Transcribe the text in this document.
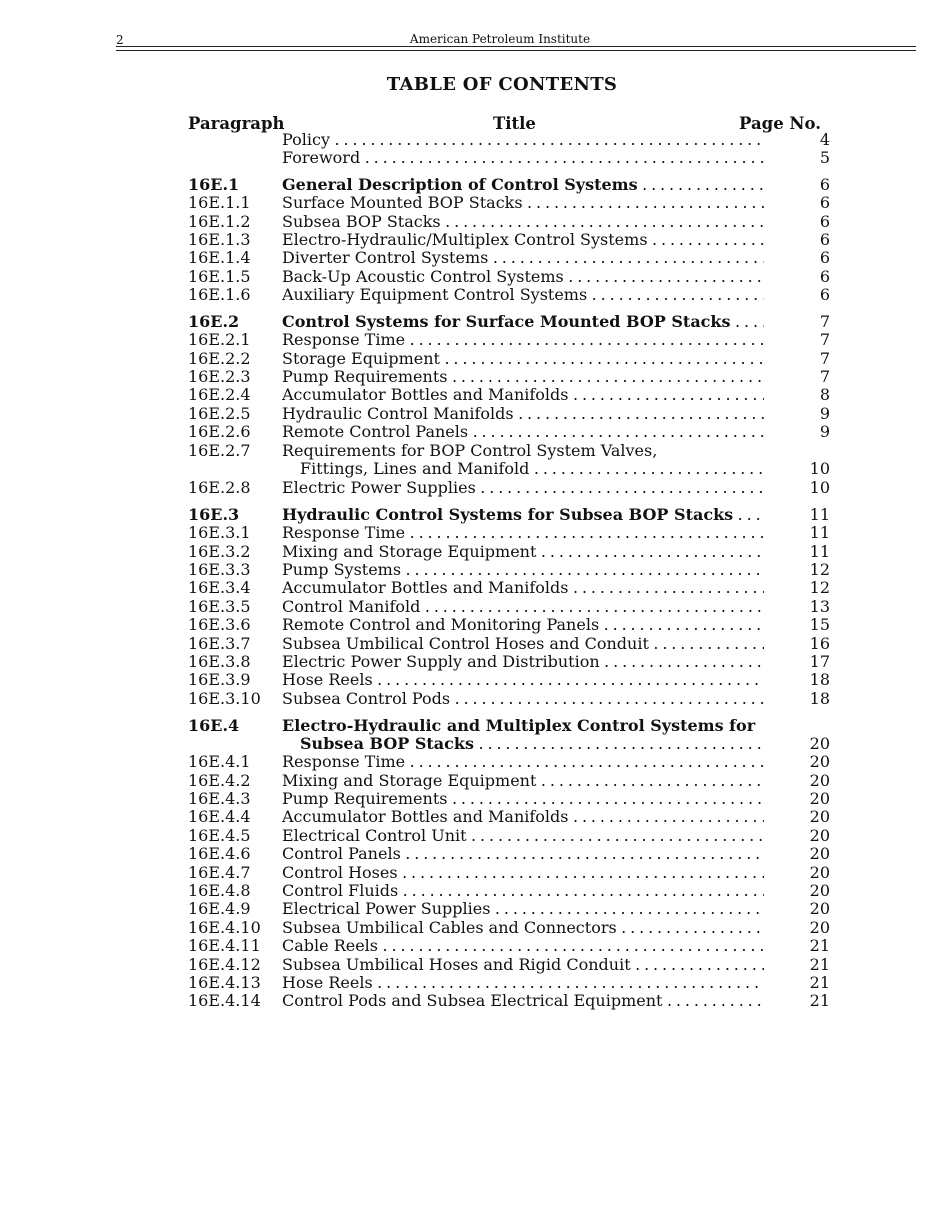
2	American Petroleum Institute
TABLE OF CONTENTS
Paragraph	Title	Page No.
Policy . . .	4
Foreword . . .	5
16E.1	General Description of Control Systems . . .	6
16E.1.1 Surface Mounted BOP Stacks . . .	6
16E.1.2 Subsea BOP Stacks . . .	6
16E.1.3 Electro-Hydraulic/Multiplex Control Systems . . .	6
16E.1.4 Diverter Control Systems . . .	6
16E.1.5 Back-Up Acoustic Control Systems . . .	6
16E.1.6 Auxiliary Equipment Control Systems . . .	6
16E.2	Control Systems for Surface Mounted BOP Stacks . . .	7
16E.2.1 Response Time . . .	7
16E.2.2 Storage Equipment . . .	7
16E.2.3 Pump Requirements . . .	7
16E.2.4 Accumulator Bottles and Manifolds . . .	8
16E.2.5 Hydraulic Control Manifolds . . .	9
16E.2.6 Remote Control Panels . . .	9
16E.2.7 Requirements for BOP Control System Valves,
Fittings, Lines and Manifold . . .	10
16E.2.8 Electric Power Supplies . . .	10
16E.3	Hydraulic Control Systems for Subsea BOP Stacks . . .	11
16E.3.1 Response Time . . .	11
16E.3.2 Mixing and Storage Equipment . . .	11
16E.3.3 Pump Systems . . .	12
16E.3.4 Accumulator Bottles and Manifolds . . .	12
16E.3.5 Control Manifold . . .	13
16E.3.6 Remote Control and Monitoring Panels . . .	15
16E.3.7 Subsea Umbilical Control Hoses and Conduit . . .	16
16E.3.8 Electric Power Supply and Distribution . . .	17
16E.3.9 Hose Reels . . .	18
16E.3.10 Subsea Control Pods . . .	18
16E.4	Electro-Hydraulic and Multiplex Control Systems for
Subsea BOP Stacks . . .	20
16E.4.1 Response Time . . .	20
16E.4.2 Mixing and Storage Equipment . . .	20
16E.4.3 Pump Requirements . . .	20
16E.4.4 Accumulator Bottles and Manifolds . . .	20
16E.4.5 Electrical Control Unit . . .	20
16E.4.6 Control Panels . . .	20
16E.4.7 Control Hoses . . .	20
16E.4.8 Control Fluids . . .	20
16E.4.9 Electrical Power Supplies . . .	20
16E.4.10 Subsea Umbilical Cables and Connectors . . .	20
16E.4.11 Cable Reels . . .	21
16E.4.12 Subsea Umbilical Hoses and Rigid Conduit . . .	21
16E.4.13 Hose Reels . . .	21
16E.4.14 Control Pods and Subsea Electrical Equipment . . .	21
